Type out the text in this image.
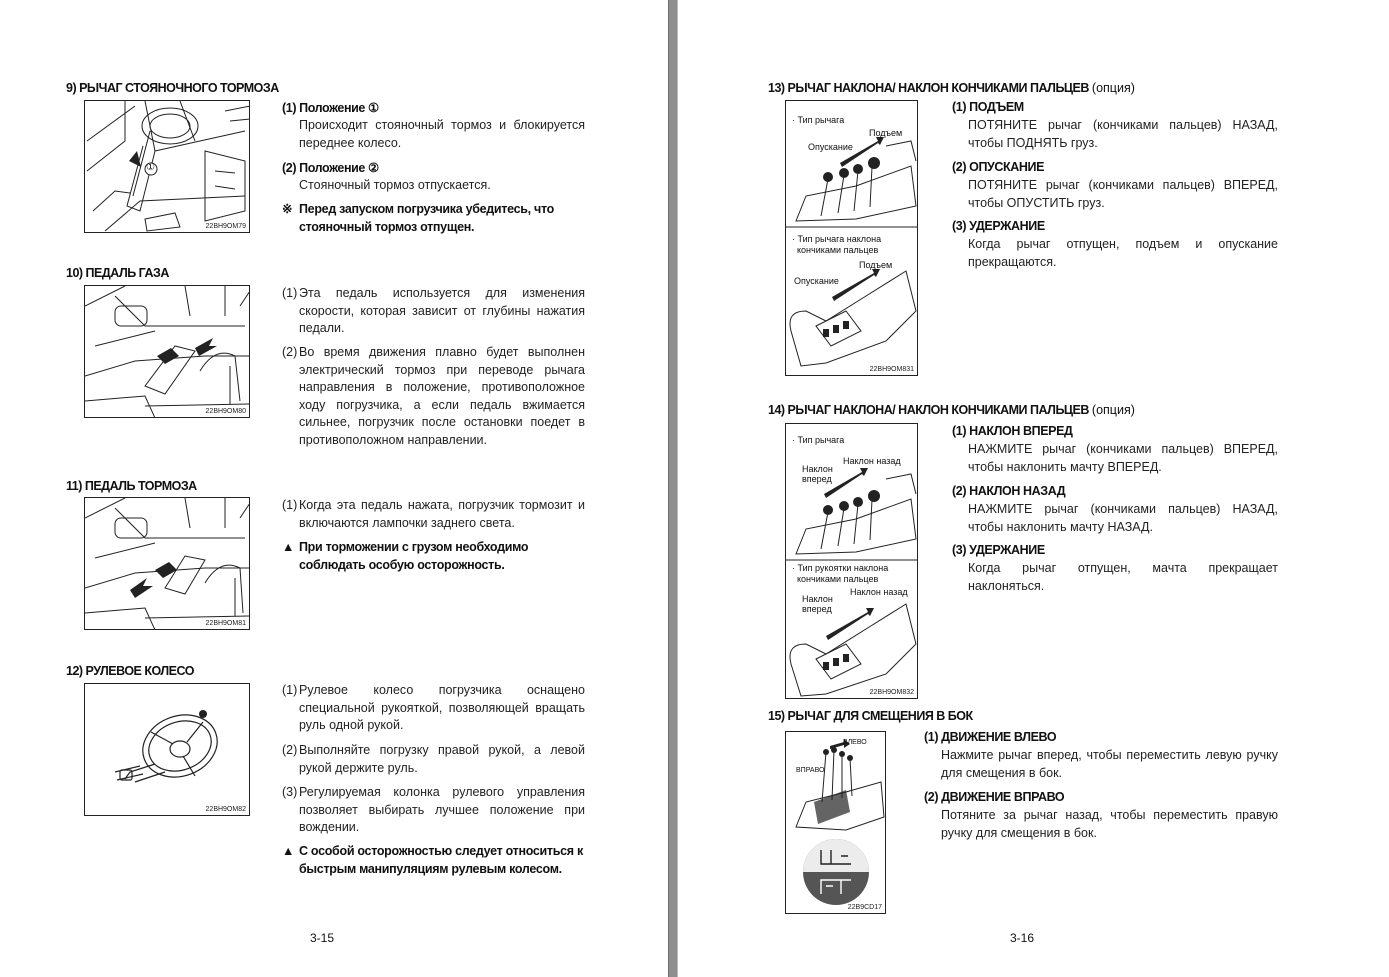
9) РЫЧАГ СТОЯНОЧНОГО ТОРМОЗА
①
22BH9OM79
(1) Положение ①
Происходит стояночный тормоз и блокируется переднее колесо.
(2) Положение ②
Стояночный тормоз отпускается.
※ Перед запуском погрузчика убедитесь, что стояночный тормоз отпущен.
10) ПЕДАЛЬ ГАЗА
22BH9OM80
(1) Эта педаль используется для изменения скорости, которая зависит от глубины нажатия педали.
(2) Во время движения плавно будет выполнен электрический тормоз при переводе рычага направления в положение, противоположное ходу погрузчика, а если педаль вжимается сильнее, погрузчик после остановки поедет в противоположном направлении.
11) ПЕДАЛЬ ТОРМОЗА
22BH9OM81
(1) Когда эта педаль нажата, погрузчик тормозит и включаются лампочки заднего света.
▲ При торможении с грузом необходимо соблюдать особую осторожность.
12) РУЛЕВОЕ КОЛЕСО
22BH9OM82
(1) Рулевое колесо погрузчика оснащено специальной рукояткой, позволяющей вращать руль одной рукой.
(2) Выполняйте погрузку правой рукой, а левой рукой держите руль.
(3) Регулируемая колонка рулевого управления позволяет выбирать лучшее положение при вождении.
▲ С особой осторожностью следует относиться к быстрым манипуляциям рулевым колесом.
3-15
13) РЫЧАГ НАКЛОНА/ НАКЛОН КОНЧИКАМИ ПАЛЬЦЕВ (опция)
· Тип рычага
Подъем
Опускание
· Тип рычага наклона
кончиками пальцев
Подъем
Опускание
22BH9OM831
(1) ПОДЪЕМ
ПОТЯНИТЕ рычаг (кончиками пальцев) НАЗАД, чтобы ПОДНЯТЬ груз.
(2) ОПУСКАНИЕ
ПОТЯНИТЕ рычаг (кончиками пальцев) ВПЕРЕД, чтобы ОПУСТИТЬ груз.
(3) УДЕРЖАНИЕ
Когда рычаг отпущен, подъем и опускание прекращаются.
14) РЫЧАГ НАКЛОНА/ НАКЛОН КОНЧИКАМИ ПАЛЬЦЕВ (опция)
· Тип рычага
Наклон назад
Наклон
вперед
· Тип рукоятки наклона
кончиками пальцев
Наклон назад
Наклон
вперед
22BH9OM832
(1) НАКЛОН ВПЕРЕД
НАЖМИТЕ рычаг (кончиками пальцев) ВПЕРЕД, чтобы наклонить мачту ВПЕРЕД.
(2) НАКЛОН НАЗАД
НАЖМИТЕ рычаг (кончиками пальцев) НАЗАД, чтобы наклонить мачту НАЗАД.
(3) УДЕРЖАНИЕ
Когда рычаг отпущен, мачта прекращает наклоняться.
15) РЫЧАГ ДЛЯ СМЕЩЕНИЯ В БОК
ВЛЕВО
ВПРАВО
22B9CD17
(1) ДВИЖЕНИЕ ВЛЕВО
Нажмите рычаг вперед, чтобы переместить левую ручку для смещения в бок.
(2) ДВИЖЕНИЕ ВПРАВО
Потяните за рычаг назад, чтобы переместить правую ручку для смещения в бок.
3-16
